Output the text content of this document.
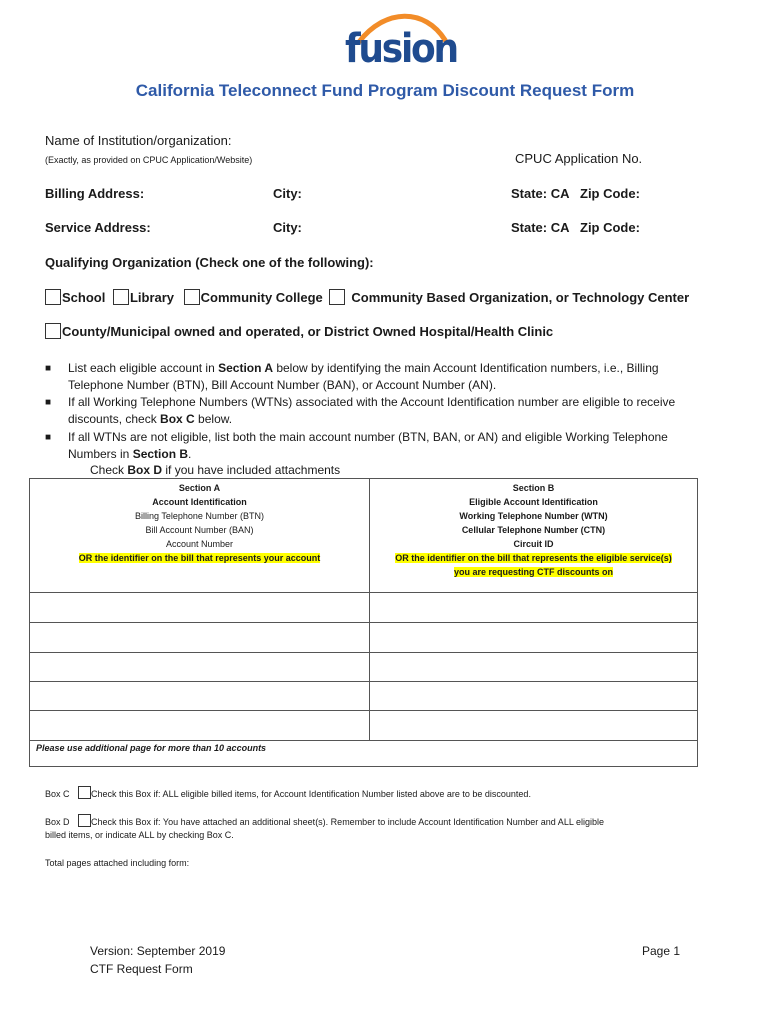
fusion
California Teleconnect Fund Program Discount Request Form
Name of Institution/organization:
(Exactly, as provided on CPUC Application/Website)	CPUC Application No.
Billing Address:	City:	State: CA Zip Code:
Service Address:	City:	State: CA Zip Code:
Qualifying Organization (Check one of the following):
School Library Community College Community Based Organization, or Technology Center
County/Municipal owned and operated, or District Owned Hospital/Health Clinic
■ List each eligible account in Section A below by identifying the main Account Identification numbers, i.e., Billing Telephone Number (BTN), Bill Account Number (BAN), or Account Number (AN).
■ If all Working Telephone Numbers (WTNs) associated with the Account Identification number are eligible to receive discounts, check Box C below.
■ If all WTNs are not eligible, list both the main account number (BTN, BAN, or AN) and eligible Working Telephone Numbers in Section B.
Check Box D if you have included attachments
Section A
Account Identification
Billing Telephone Number (BTN)
Bill Account Number (BAN)
Account Number
OR the identifier on the bill that represents your account
Section B
Eligible Account Identification
Working Telephone Number (WTN)
Cellular Telephone Number (CTN)
Circuit ID
OR the identifier on the bill that represents the eligible service(s)
you are requesting CTF discounts on
Please use additional page for more than 10 accounts
Box C Check this Box if: ALL eligible billed items, for Account Identification Number listed above are to be discounted.
Box D Check this Box if: You have attached an additional sheet(s). Remember to include Account Identification Number and ALL eligible
billed items, or indicate ALL by checking Box C.
Total pages attached including form:
Version: September 2019
CTF Request Form
Page 1
